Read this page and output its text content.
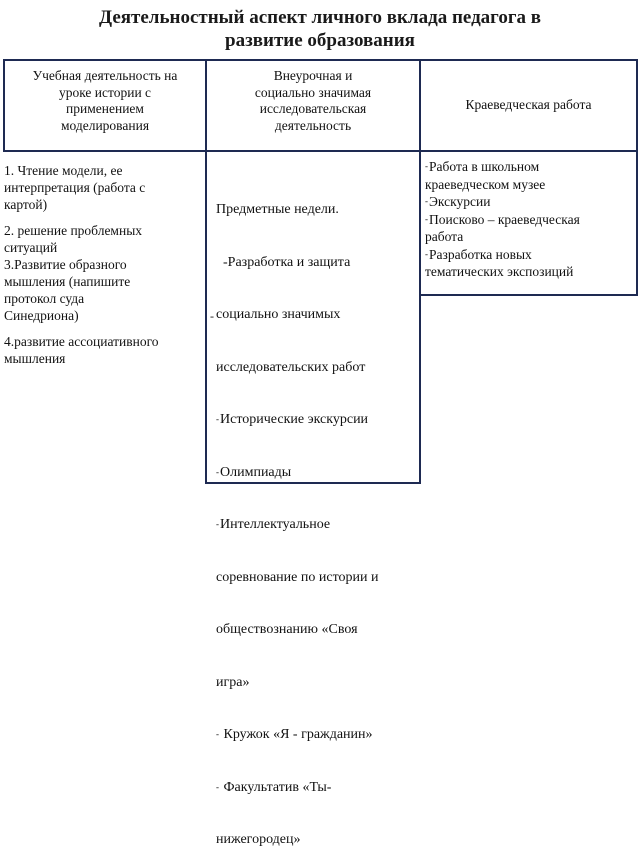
Деятельностный аспект личного вклада педагога в
развитие образования
Учебная деятельность на
уроке истории с
применением
моделирования
1. Чтение модели, ее
интерпретация (работа с
картой)
2. решение проблемных
ситуаций
3.Развитие образного
мышления (напишите
протокол суда
Синедриона)
4.развитие ассоциативного
мышления
Внеурочная и
социально значимая
исследовательская
деятельность

Предметные недели.

-Разработка и защита

социально значимых

исследовательских работ

- Исторические экскурсии

- Олимпиады

- Интеллектуальное

соревнование по истории и

обществознанию «Своя

игра»

-  Кружок «Я - гражданин»

-  Факультатив «Ты-

нижегородец»

-
Краеведческая работа
- Работа в школьном
краеведческом музее
- Экскурсии
- Поисково – краеведческая
работа
- Разработка новых
тематических экспозиций
